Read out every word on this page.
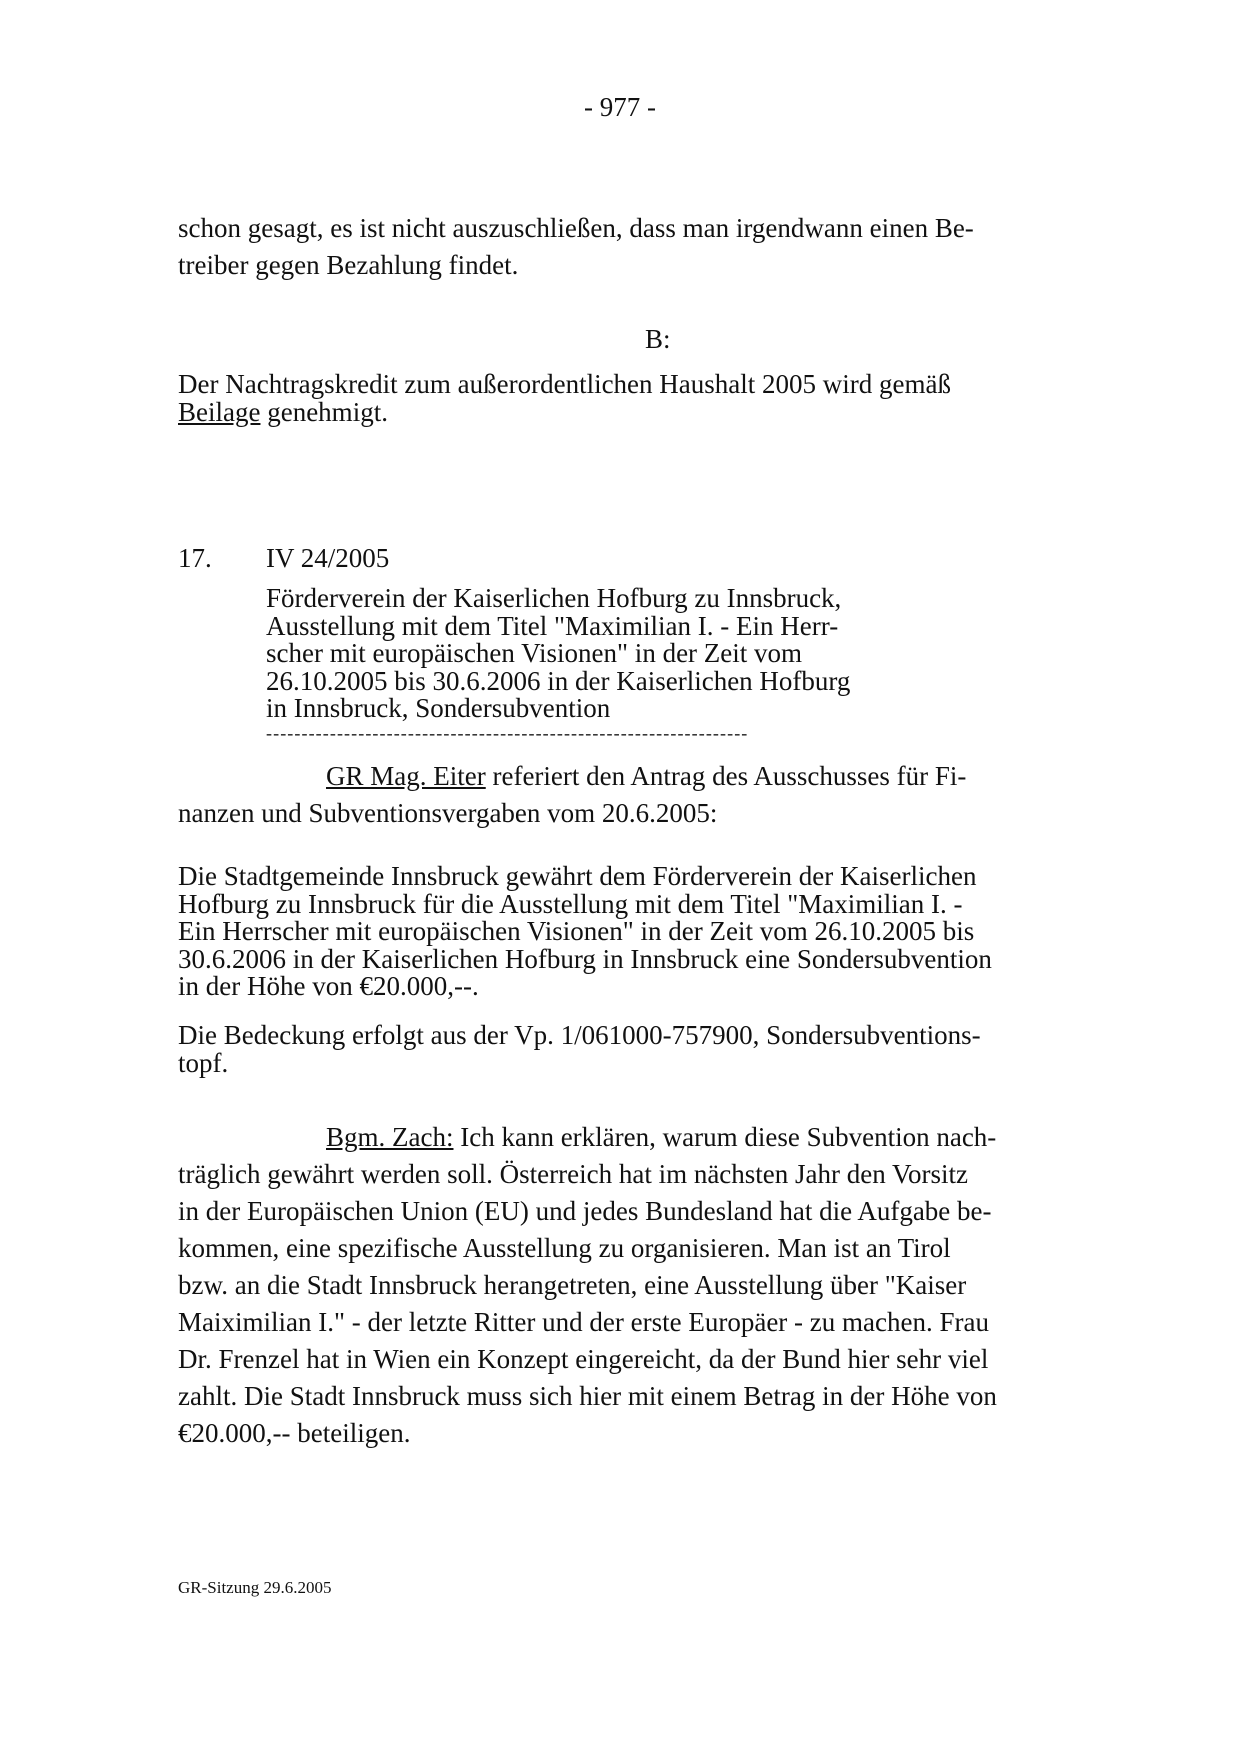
- 977 -
schon gesagt, es ist nicht auszuschließen, dass man irgendwann einen Be-
treiber gegen Bezahlung findet.
B:
Der Nachtragskredit zum außerordentlichen Haushalt 2005 wird gemäß
Beilage genehmigt.
17. IV 24/2005
Förderverein der Kaiserlichen Hofburg zu Innsbruck,
Ausstellung mit dem Titel "Maximilian I. - Ein Herr-
scher mit europäischen Visionen" in der Zeit vom
26.10.2005 bis 30.6.2006 in der Kaiserlichen Hofburg
in Innsbruck, Sondersubvention
--------------------------------------------------------------------
GR Mag. Eiter referiert den Antrag des Ausschusses für Fi-
nanzen und Subventionsvergaben vom 20.6.2005:
Die Stadtgemeinde Innsbruck gewährt dem Förderverein der Kaiserlichen
Hofburg zu Innsbruck für die Ausstellung mit dem Titel "Maximilian I. -
Ein Herrscher mit europäischen Visionen" in der Zeit vom 26.10.2005 bis
30.6.2006 in der Kaiserlichen Hofburg in Innsbruck eine Sondersubvention
in der Höhe von €20.000,--.
Die Bedeckung erfolgt aus der Vp. 1/061000-757900, Sondersubventions-
topf.
Bgm. Zach: Ich kann erklären, warum diese Subvention nach-
träglich gewährt werden soll. Österreich hat im nächsten Jahr den Vorsitz
in der Europäischen Union (EU) und jedes Bundesland hat die Aufgabe be-
kommen, eine spezifische Ausstellung zu organisieren. Man ist an Tirol
bzw. an die Stadt Innsbruck herangetreten, eine Ausstellung über "Kaiser
Maiximilian I." - der letzte Ritter und der erste Europäer - zu machen. Frau
Dr. Frenzel hat in Wien ein Konzept eingereicht, da der Bund hier sehr viel
zahlt. Die Stadt Innsbruck muss sich hier mit einem Betrag in der Höhe von
€20.000,-- beteiligen.
GR-Sitzung 29.6.2005
